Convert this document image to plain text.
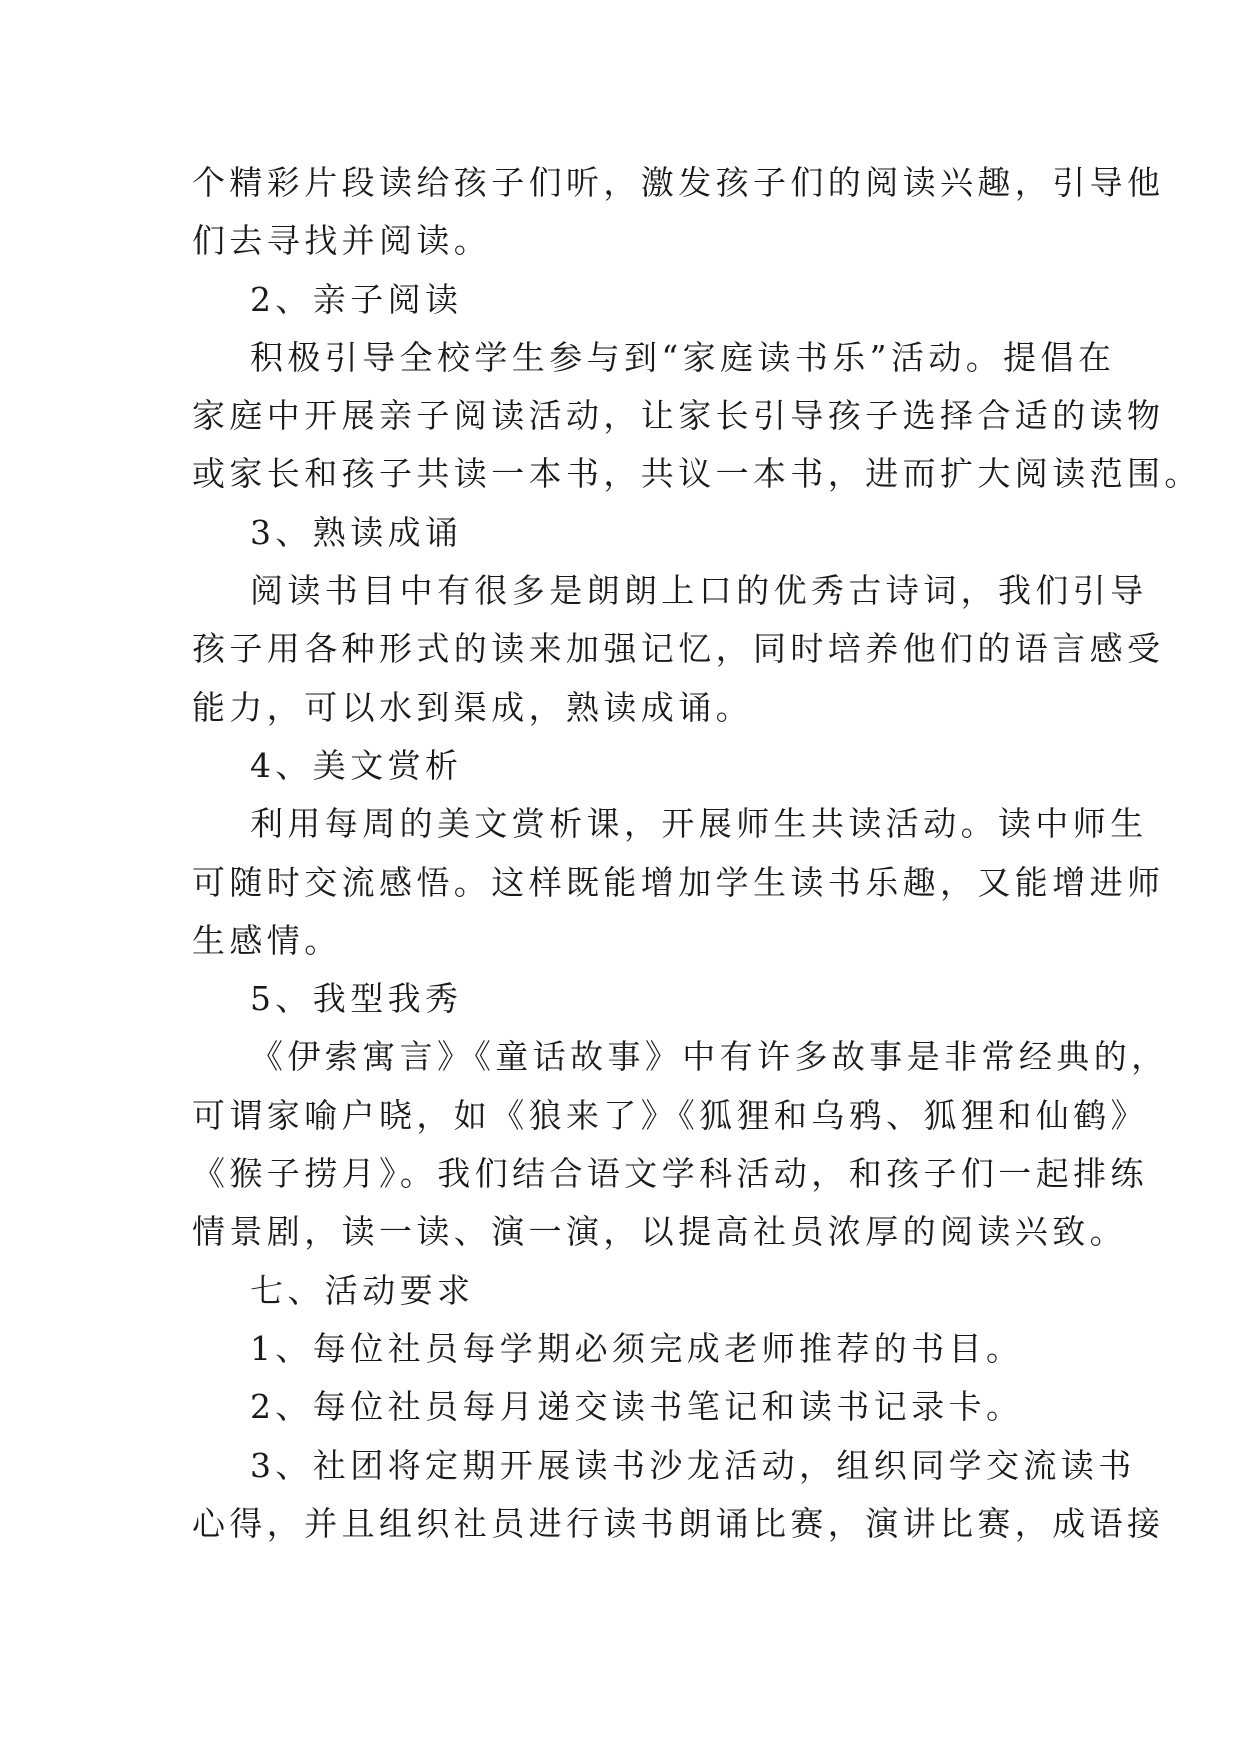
个精彩片段读给孩子们听，激发孩子们的阅读兴趣，引导他
们去寻找并阅读。
2、亲子阅读
积极引导全校学生参与到“家庭读书乐”活动。提倡在
家庭中开展亲子阅读活动，让家长引导孩子选择合适的读物
或家长和孩子共读一本书，共议一本书，进而扩大阅读范围。
3、熟读成诵
阅读书目中有很多是朗朗上口的优秀古诗词，我们引导
孩子用各种形式的读来加强记忆，同时培养他们的语言感受
能力，可以水到渠成，熟读成诵。
4、美文赏析
利用每周的美文赏析课，开展师生共读活动。读中师生
可随时交流感悟。这样既能增加学生读书乐趣，又能增进师
生感情。
5、我型我秀
《伊索寓言》《童话故事》中有许多故事是非常经典的，
可谓家喻户晓，如《狼来了》《狐狸和乌鸦、狐狸和仙鹤》
《猴子捞月》。我们结合语文学科活动，和孩子们一起排练
情景剧，读一读、演一演，以提高社员浓厚的阅读兴致。
七、活动要求
1、每位社员每学期必须完成老师推荐的书目。
2、每位社员每月递交读书笔记和读书记录卡。
3、社团将定期开展读书沙龙活动，组织同学交流读书
心得，并且组织社员进行读书朗诵比赛，演讲比赛，成语接
